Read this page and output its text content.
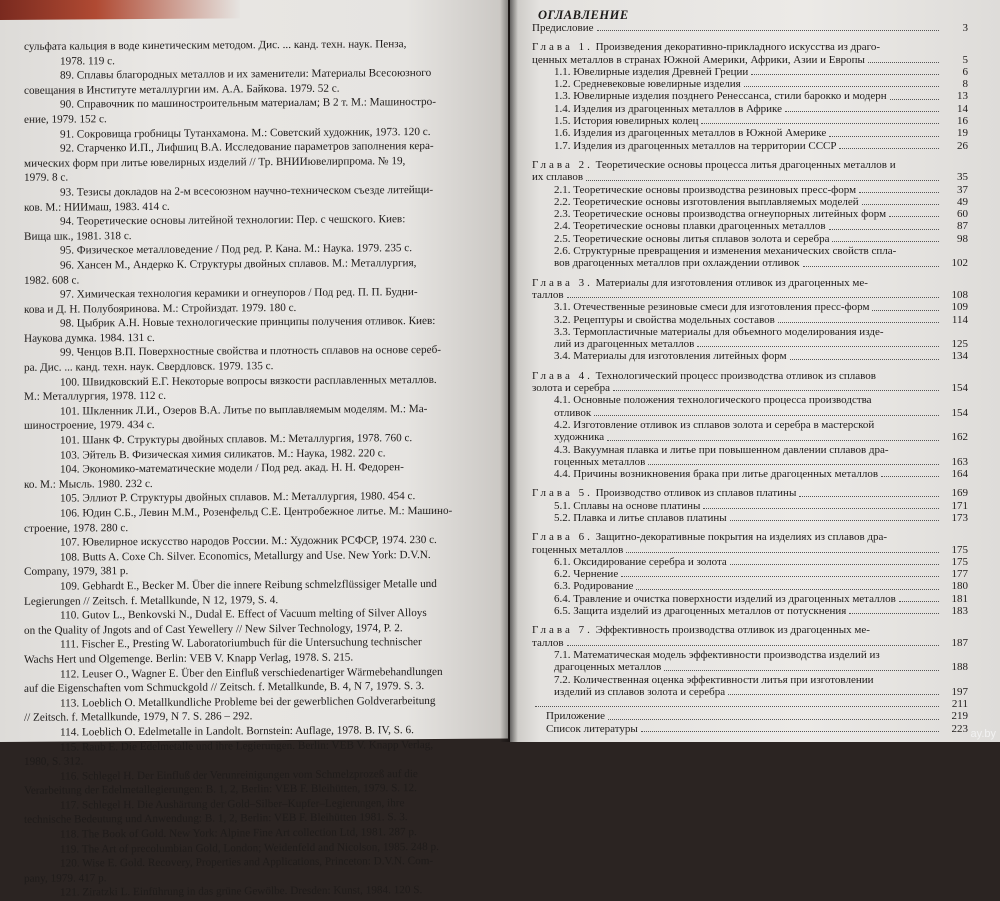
сульфата кальция в воде кинетическим методом. Дис. ... канд. техн. наук. Пенза,
1978. 119 с.
89. Сплавы благородных металлов и их заменители: Материалы Всесоюзного
совещания в Институте металлургии им. А.А. Байкова. 1979. 52 с.
90. Справочник по машиностроительным материалам; В 2 т. М.: Машиностро-
ение, 1979. 152 с.
91. Сокровища гробницы Тутанхамона. М.: Советский художник, 1973. 120 с.
92. Старченко И.П., Лифшиц В.А. Исследование параметров заполнения кера-
мических форм при литье ювелирных изделий // Тр. ВНИИювелирпрома. № 19,
1979. 8 с.
93. Тезисы докладов на 2-м всесоюзном научно-техническом съезде литейщи-
ков. М.: НИИмаш, 1983. 414 с.
94. Теоретические основы литейной технологии: Пер. с чешского. Киев:
Вища шк., 1981. 318 с.
95. Физическое металловедение / Под ред. Р. Кана. М.: Наука. 1979. 235 с.
96. Хансен М., Андерко К. Структуры двойных сплавов. М.: Металлургия,
1982. 608 с.
97. Химическая технология керамики и огнеупоров / Под ред. П. П. Будни-
кова и Д. Н. Полубояринова. М.: Стройиздат. 1979. 180 с.
98. Цыбрик А.Н. Новые технологические принципы получения отливок. Киев:
Наукова думка. 1984. 131 с.
99. Ченцов В.П. Поверхностные свойства и плотность сплавов на основе сереб-
ра. Дис. ... канд. техн. наук. Свердловск. 1979. 135 с.
100. Швидковский Е.Г. Некоторые вопросы вязкости расплавленных металлов.
М.: Металлургия, 1978. 112 с.
101. Шкленник Л.И., Озеров В.А. Литье по выплавляемым моделям. М.: Ма-
шиностроение, 1979. 434 с.
101. Шанк Ф. Структуры двойных сплавов. М.: Металлургия, 1978. 760 с.
103. Эйтель В. Физическая химия силикатов. М.: Наука, 1982. 220 с.
104. Экономико-математические модели / Под ред. акад. Н. Н. Федорен-
ко. М.: Мысль. 1980. 232 с.
105. Эллиот Р. Структуры двойных сплавов. М.: Металлургия, 1980. 454 с.
106. Юдин С.Б., Левин М.М., Розенфельд С.Е. Центробежное литье. М.: Машино-
строение, 1978. 280 с.
107. Ювелирное искусство народов России. М.: Художник РСФСР, 1974. 230 с.
108. Butts A. Coxe Ch. Silver. Economics, Metallurgy and Use. New York: D.V.N.
Company, 1979, 381 p.
109. Gebhardt E., Becker M. Über die innere Reibung schmelzflüssiger Metalle und
Legierungen // Zeitsch. f. Metallkunde, N 12, 1979, S. 4.
110. Gutov L., Benkovski N., Dudal E. Effect of Vacuum melting of Silver Alloys
on the Quality of Jngots and of Cast Yewellery // New Silver Technology, 1974, P. 2.
111. Fischer E., Presting W. Laboratoriumbuch für die Untersuchung technischer
Wachs Hert und Olgemenge. Berlin: VEB V. Knapp Verlag, 1978. S. 215.
112. Leuser O., Wagner E. Über den Einfluß verschiedenartiger Wärmebehandlungen
auf die Eigenschaften vom Schmuckgold // Zeitsch. f. Metallkunde, B. 4, N 7, 1979. S. 3.
113. Loeblich O. Metallkundliche Probleme bei der gewerblichen Goldverarbeitung
// Zeitsch. f. Metallkunde, 1979, N 7. S. 286 – 292.
114. Loeblich O. Edelmetalle in Landolt. Bornstein: Auflage, 1978. B. IV, S. 6.
115. Raub E. Die Edelmetalle und ihre Legierungen. Berlin: VEB V. Knapp Verlag,
1980, S. 312.
116. Schlegel H. Der Einfluß der Verunreinigungen vom Schmelzprozeß auf die
Verarbeitung der Edelmetallegierungen: B. 1, 2, Berlin: VEB F. Bleihütten, 1979. S. 12.
117. Schlegel H. Die Aushärtung der Gold–Silber–Kupfer–Legierungen, ihre
technische Bedeutung und Anwendung: B. 1, 2, Berlin: VEB F. Bleihütten 1981. S. 3.
118. The Book of Gold. New York: Alpine Fine Art collection Ltd, 1981. 287 p.
119. The Art of precolumbian Gold, London; Weidenfeld and Nicolson, 1985. 248 p.
120. Wise E. Gold. Recovery, Properties and Applications, Princeton: D.V.N. Com-
pany, 1979. 417 p.
121. Ziratzki L. Einführung in das grüne Gewölbe. Dresden: Kunst, 1984. 120 S.
ОГЛАВЛЕНИЕ
Предисловие	3
Глава 1. Произведения декоративно-прикладного искусства из драго-
ценных металлов в странах Южной Америки, Африки, Азии и Европы	5
1.1. Ювелирные изделия Древней Греции	6
1.2. Средневековые ювелирные изделия	8
1.3. Ювелирные изделия позднего Ренессанса, стили барокко и модерн	13
1.4. Изделия из драгоценных металлов в Африке	14
1.5. История ювелирных колец	16
1.6. Изделия из драгоценных металлов в Южной Америке	19
1.7. Изделия из драгоценных металлов на территории СССР	26
Глава 2. Теоретические основы процесса литья драгоценных металлов и
их сплавов	35
2.1. Теоретические основы производства резиновых пресс-форм	37
2.2. Теоретические основы изготовления выплавляемых моделей	49
2.3. Теоретические основы производства огнеупорных литейных форм	60
2.4. Теоретические основы плавки драгоценных металлов	87
2.5. Теоретические основы литья сплавов золота и серебра	98
2.6. Структурные превращения и изменения механических свойств спла-
вов драгоценных металлов при охлаждении отливок	102
Глава 3. Материалы для изготовления отливок из драгоценных ме-
таллов	108
3.1. Отечественные резиновые смеси для изготовления пресс-форм	109
3.2. Рецептуры и свойства модельных составов	114
3.3. Термопластичные материалы для объемного моделирования изде-
лий из драгоценных металлов	125
3.4. Материалы для изготовления литейных форм	134
Глава 4. Технологический процесс производства отливок из сплавов
золота и серебра	154
4.1. Основные положения технологического процесса производства
отливок	154
4.2. Изготовление отливок из сплавов золота и серебра в мастерской
художника	162
4.3. Вакуумная плавка и литье при повышенном давлении сплавов дра-
гоценных металлов	163
4.4. Причины возникновения брака при литье драгоценных металлов	164
Глава 5. Производство отливок из сплавов платины	169
5.1. Сплавы на основе платины	171
5.2. Плавка и литье сплавов платины	173
Глава 6. Защитно-декоративные покрытия на изделиях из сплавов дра-
гоценных металлов	175
6.1. Оксидирование серебра и золота	175
6.2. Чернение	177
6.3. Родирование	180
6.4. Травление и очистка поверхности изделий из драгоценных металлов	181
6.5. Защита изделий из драгоценных металлов от потускнения	183
Глава 7. Эффективность производства отливок из драгоценных ме-
таллов	187
7.1. Математическая модель эффективности производства изделий из
драгоценных металлов	188
7.2. Количественная оценка эффективности литья при изготовлении
изделий из сплавов золота и серебра	197
211
Приложение	219
Список литературы	223 ay.by
